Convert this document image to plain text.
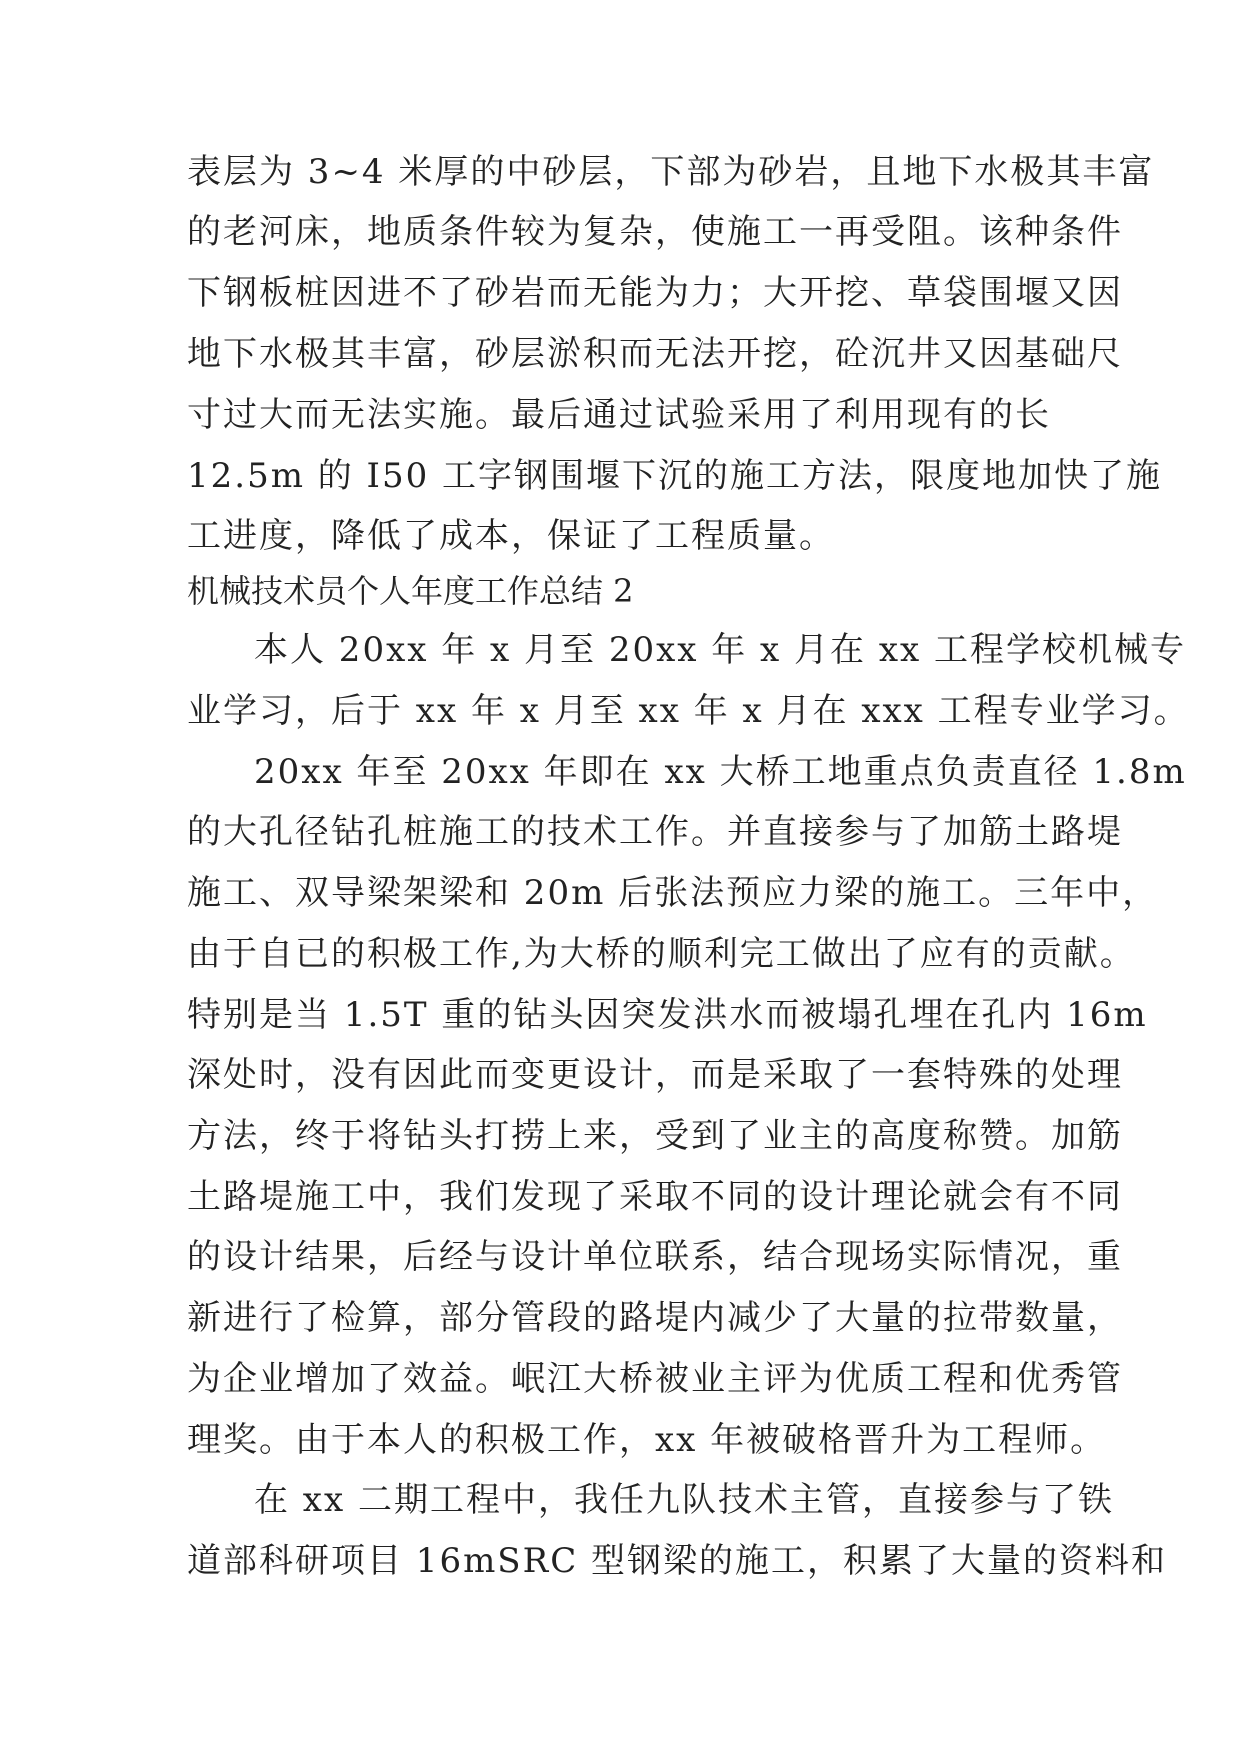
表层为 3~4 米厚的中砂层，下部为砂岩，且地下水极其丰富

的老河床，地质条件较为复杂，使施工一再受阻。该种条件

下钢板桩因进不了砂岩而无能为力；大开挖、草袋围堰又因

地下水极其丰富，砂层淤积而无法开挖，砼沉井又因基础尺

寸过大而无法实施。最后通过试验采用了利用现有的长

12.5m 的 I50 工字钢围堰下沉的施工方法，限度地加快了施

工进度，降低了成本，保证了工程质量。

机械技术员个人年度工作总结 2

本人 20xx 年 x 月至 20xx 年 x 月在 xx 工程学校机械专

业学习，后于 xx 年 x 月至 xx 年 x 月在 xxx 工程专业学习。

20xx 年至 20xx 年即在 xx 大桥工地重点负责直径 1.8m

的大孔径钻孔桩施工的技术工作。并直接参与了加筋土路堤

施工、双导梁架梁和 20m 后张法预应力梁的施工。三年中，

由于自已的积极工作,为大桥的顺利完工做出了应有的贡献。

特别是当 1.5T 重的钻头因突发洪水而被塌孔埋在孔内 16m

深处时，没有因此而变更设计，而是采取了一套特殊的处理

方法，终于将钻头打捞上来，受到了业主的高度称赞。加筋

土路堤施工中，我们发现了采取不同的设计理论就会有不同

的设计结果，后经与设计单位联系，结合现场实际情况，重

新进行了检算，部分管段的路堤内减少了大量的拉带数量，

为企业增加了效益。岷江大桥被业主评为优质工程和优秀管

理奖。由于本人的积极工作，xx 年被破格晋升为工程师。

在 xx 二期工程中，我任九队技术主管，直接参与了铁

道部科研项目 16mSRC 型钢梁的施工，积累了大量的资料和
